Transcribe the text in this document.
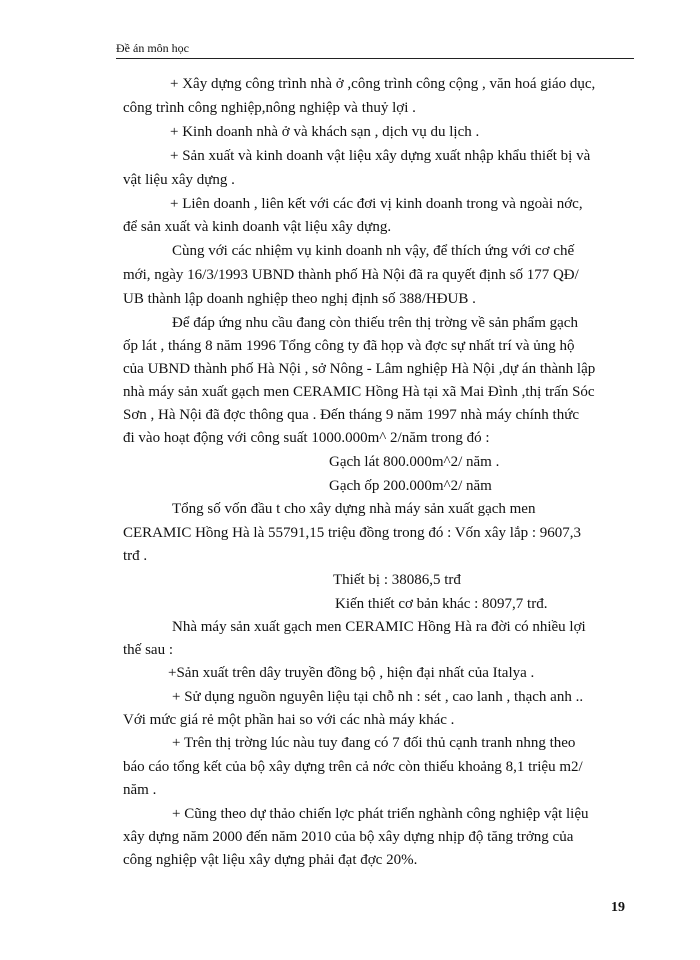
Đề án môn học
+ Xây dựng công trình nhà ở ,công trình công cộng , văn hoá giáo dục,
công trình công nghiệp,nông nghiệp và thuỷ lợi .
+ Kinh doanh nhà ở và khách sạn , dịch vụ du lịch .
+ Sản xuất và kinh doanh vật liệu xây dựng xuất nhập khẩu thiết bị và
vật liệu xây dựng .
+ Liên doanh , liên kết với các đơi vị kinh doanh trong và ngoài nớc,
để sản xuất và kinh doanh vật liệu xây dựng.
Cùng với các nhiệm vụ kinh doanh nh vậy, để thích ứng với cơ chế
mới, ngày 16/3/1993 UBND thành phố Hà Nội đã ra quyết định số 177 QĐ/
UB thành lập doanh nghiệp theo nghị định số 388/HĐUB .
Để đáp ứng nhu cầu đang còn thiếu trên thị trờng về sản phẩm gạch
ốp lát , tháng 8 năm 1996 Tổng công ty đã họp và đợc sự nhất trí và ủng hộ
của UBND thành phố Hà Nội , sở Nông - Lâm nghiệp Hà Nội ,dự án thành lập
nhà máy sản xuất gạch men CERAMIC Hồng Hà tại xã Mai Đình ,thị trấn Sóc
Sơn , Hà Nội đã đợc thông qua . Đến tháng 9 năm 1997 nhà máy chính thức
đi vào hoạt động với công suất 1000.000m^ 2/năm trong đó :
Gạch lát 800.000m^2/ năm .
Gạch ốp 200.000m^2/ năm
Tổng số vốn đầu t cho xây dựng nhà máy sản xuất gạch men
CERAMIC Hồng Hà là 55791,15 triệu đồng trong đó : Vốn xây lắp : 9607,3
trđ .
Thiết bị : 38086,5 trđ
Kiến thiết cơ bản khác : 8097,7 trđ.
Nhà máy sản xuất gạch men CERAMIC Hồng Hà ra đời có nhiều lợi
thế sau :
+Sản xuất trên dây truyền đồng bộ , hiện đại nhất của Italya .
+ Sử dụng nguồn nguyên liệu tại chỗ nh : sét , cao lanh , thạch anh ..
Với mức giá rẻ một phần hai so với các nhà máy khác .
+ Trên thị trờng lúc nàu tuy đang có 7 đối thủ cạnh tranh nhng theo
báo cáo tổng kết của bộ xây dựng trên cả nớc còn thiếu khoảng 8,1 triệu m2/
năm .
+ Cũng theo dự thảo chiến lợc phát triển nghành công nghiệp vật liệu
xây dựng năm 2000 đến năm 2010 của bộ xây dựng nhịp độ tăng trởng của
công nghiệp vật liệu xây dựng phải đạt đợc 20%.
19
